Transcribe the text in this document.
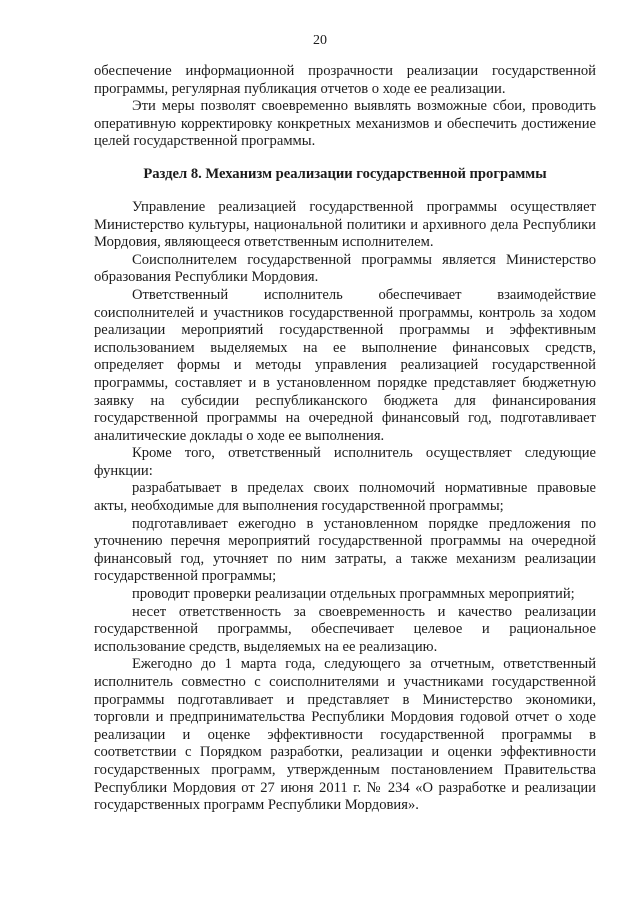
20

обеспечение информационной прозрачности реализации государственной программы, регулярная публикация отчетов о ходе ее реализации.

Эти меры позволят своевременно выявлять возможные сбои, проводить оперативную корректировку конкретных механизмов и обеспечить достижение целей государственной программы.

Раздел 8. Механизм реализации государственной программы

Управление реализацией государственной программы осуществляет Министерство культуры, национальной политики и архивного дела Республики Мордовия, являющееся ответственным исполнителем.

Соисполнителем государственной программы является Министерство образования Республики Мордовия.

Ответственный исполнитель обеспечивает взаимодействие соисполнителей и участников государственной программы, контроль за ходом реализации мероприятий государственной программы и эффективным использованием выделяемых на ее выполнение финансовых средств, определяет формы и методы управления реализацией государственной программы, составляет и в установленном порядке представляет бюджетную заявку на субсидии республиканского бюджета для финансирования государственной программы на очередной финансовый год, подготавливает аналитические доклады о ходе ее выполнения.

Кроме того, ответственный исполнитель осуществляет следующие функции:

разрабатывает в пределах своих полномочий нормативные правовые акты, необходимые для выполнения государственной программы;

подготавливает ежегодно в установленном порядке предложения по уточнению перечня мероприятий государственной программы на очередной финансовый год, уточняет по ним затраты, а также механизм реализации государственной программы;

проводит проверки реализации отдельных программных мероприятий;

несет ответственность за своевременность и качество реализации государственной программы, обеспечивает целевое и рациональное использование средств, выделяемых на ее реализацию.

Ежегодно до 1 марта года, следующего за отчетным, ответственный исполнитель совместно с соисполнителями и участниками государственной программы подготавливает и представляет в Министерство экономики, торговли и предпринимательства Республики Мордовия годовой отчет о ходе реализации и оценке эффективности государственной программы в соответствии с Порядком разработки, реализации и оценки эффективности государственных программ, утвержденным постановлением Правительства Республики Мордовия от 27 июня 2011 г. № 234 «О разработке и реализации государственных программ Республики Мордовия».
